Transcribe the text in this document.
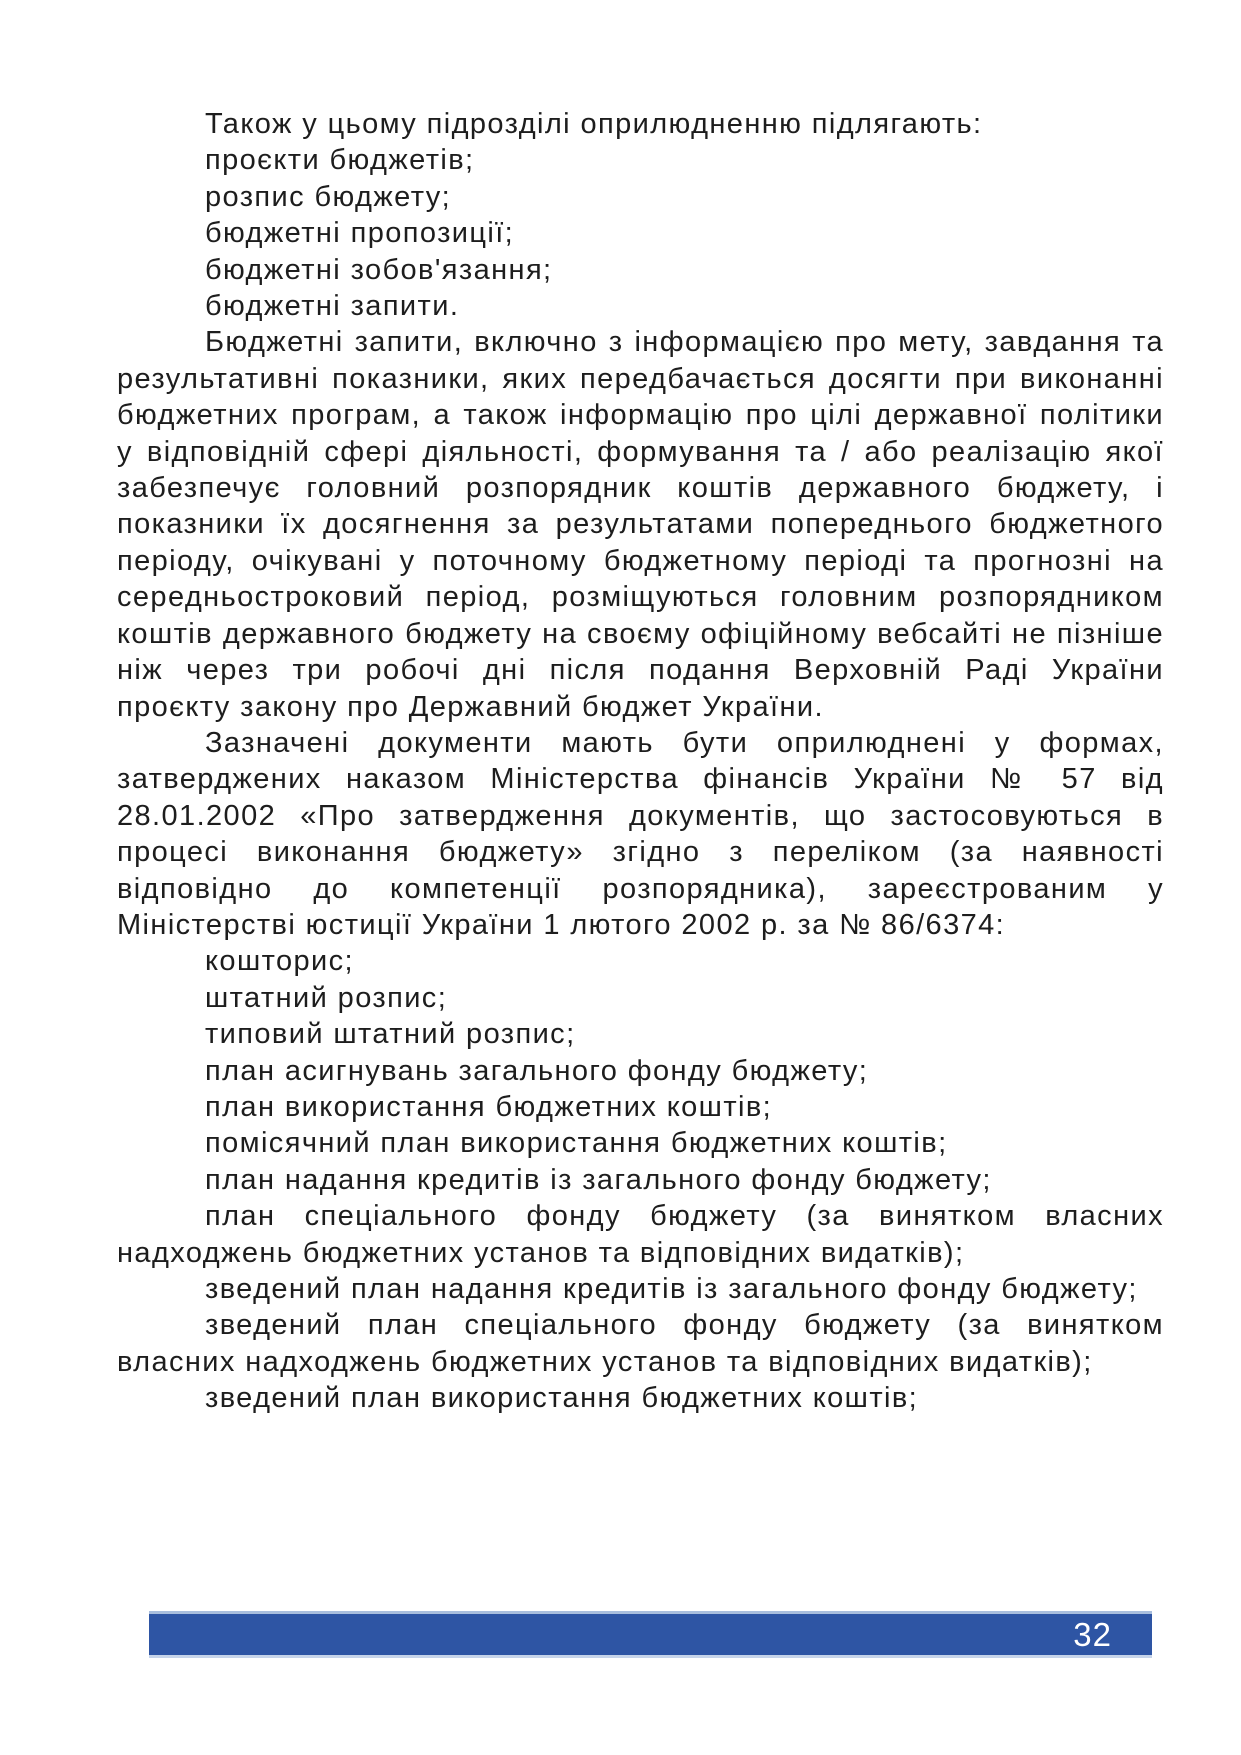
Також у цьому підрозділі оприлюдненню підлягають:

проєкти бюджетів;

розпис бюджету;

бюджетні пропозиції;

бюджетні зобов'язання;

бюджетні запити.

Бюджетні запити, включно з інформацією про мету, завдання та результативні показники, яких передбачається досягти при виконанні бюджетних програм, а також інформацію про цілі державної політики у відповідній сфері діяльності, формування та / або реалізацію якої забезпечує головний розпорядник коштів державного бюджету, і показники їх досягнення за результатами попереднього бюджетного періоду, очікувані у поточному бюджетному періоді та прогнозні на середньостроковий період, розміщуються головним розпорядником коштів державного бюджету на своєму офіційному вебсайті не пізніше ніж через три робочі дні після подання Верховній Раді України проєкту закону про Державний бюджет України.

Зазначені документи мають бути оприлюднені у формах, затверджених наказом Міністерства фінансів України № 57 від 28.01.2002 «Про затвердження документів, що застосовуються в процесі виконання бюджету» згідно з переліком (за наявності відповідно до компетенції розпорядника), зареєстрованим у Міністерстві юстиції України 1 лютого 2002 р. за № 86/6374:

кошторис;

штатний розпис;

типовий штатний розпис;

план асигнувань загального фонду бюджету;

план використання бюджетних коштів;

помісячний план використання бюджетних коштів;

план надання кредитів із загального фонду бюджету;

план спеціального фонду бюджету (за винятком власних надходжень бюджетних установ та відповідних видатків);

зведений план надання кредитів із загального фонду бюджету;

зведений план спеціального фонду бюджету (за винятком власних надходжень бюджетних установ та відповідних видатків);

зведений план використання бюджетних коштів;

32
